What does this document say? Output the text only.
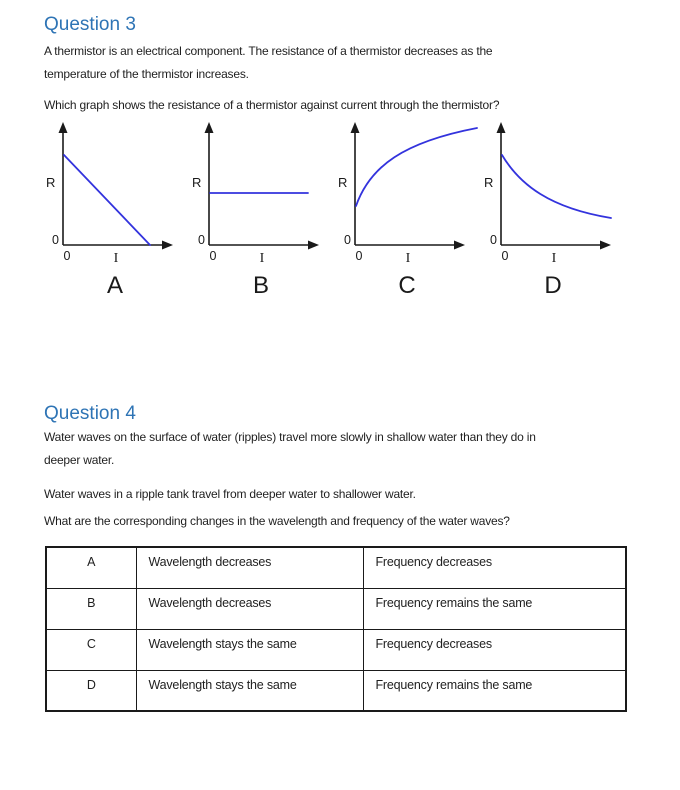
Question 3
A thermistor is an electrical component. The resistance of a thermistor decreases as the
temperature of the thermistor increases.
Which graph shows the resistance of a thermistor against current through the thermistor?
R
0
0	I
A
R
0
0	I
B
R
0
0	I
C
R
0
0	I
D
Question 4
Water waves on the surface of water (ripples) travel more slowly in shallow water than they do in
deeper water.
Water waves in a ripple tank travel from deeper water to shallower water.
What are the corresponding changes in the wavelength and frequency of the water waves?
A	Wavelength decreases	Frequency decreases
B	Wavelength decreases	Frequency remains the same
C	Wavelength stays the same	Frequency decreases
D	Wavelength stays the same	Frequency remains the same
